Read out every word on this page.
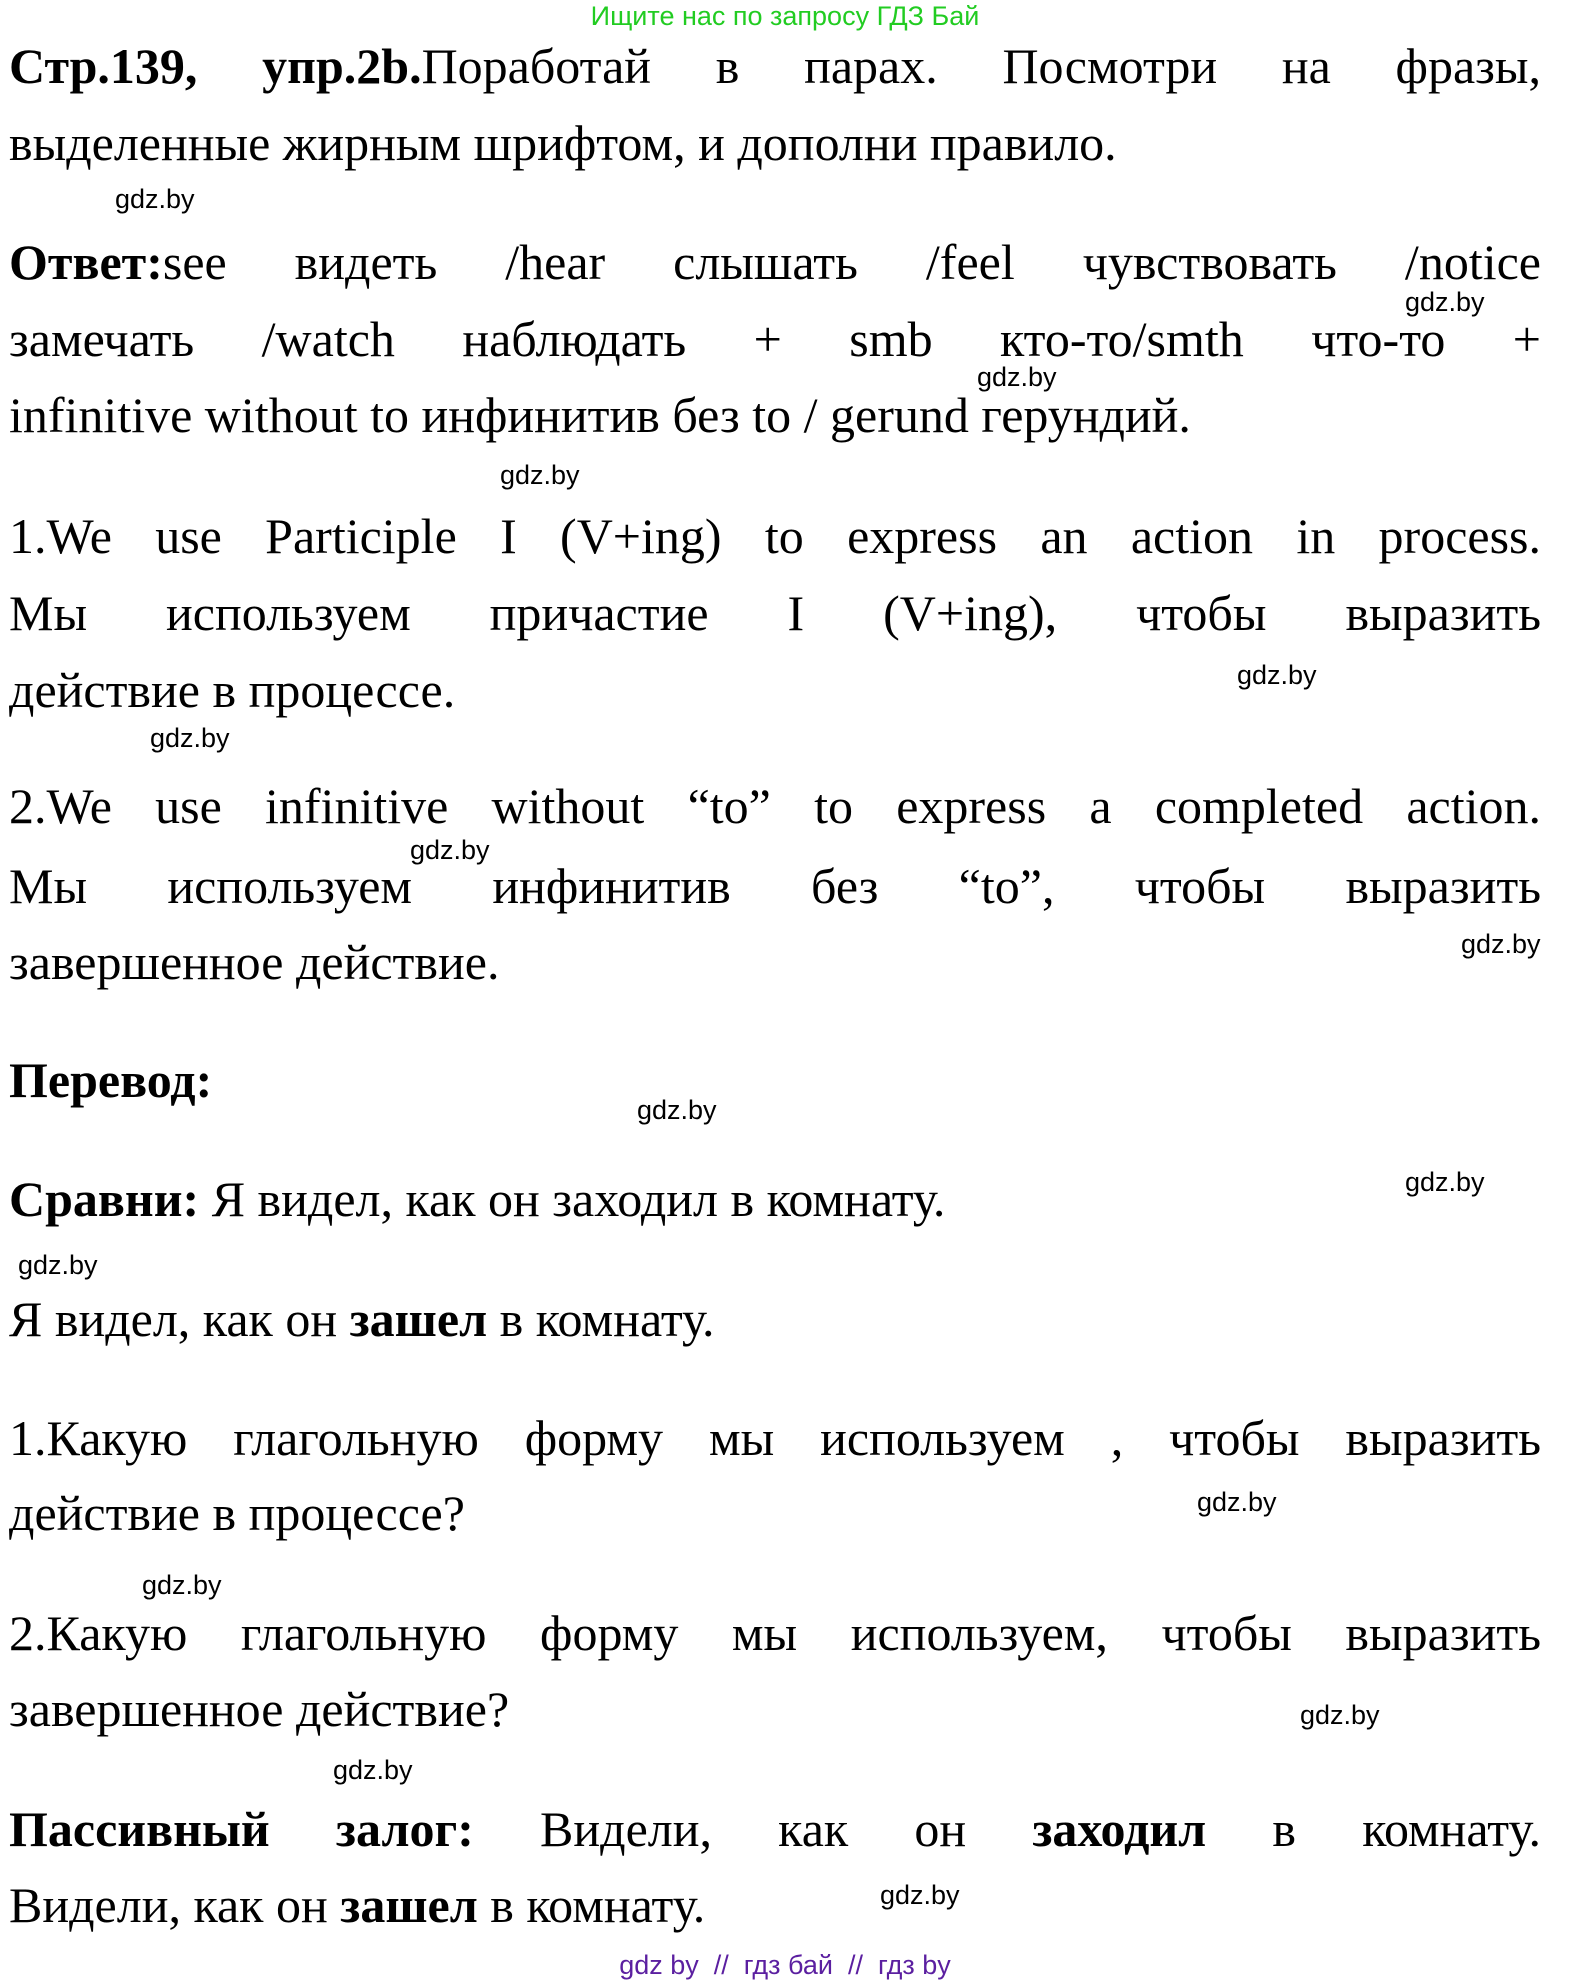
Ищите нас по запросу ГДЗ Бай
Стр.139, упр.2b.Поработай в парах. Посмотри на фразы,
выделенные жирным шрифтом, и дополни правило.
gdz.by
Ответ:see видеть /hear слышать /feel чувствовать /notice
gdz.by
замечать /watch наблюдать + smb кто-то/smth что-то +
gdz.by
infinitive without to инфинитив без to / gerund герундий.
gdz.by
1.We use Participle I (V+ing) to express an action in process.
Мы используем причастие I (V+ing), чтобы выразить
действие в процессе.	gdz.by
gdz.by
2.We use infinitive without “to” to express a completed action.
gdz.by
Мы используем инфинитив без “to”, чтобы выразить
gdz.by
завершенное действие.
Перевод:
gdz.by
gdz.by
Сравни: Я видел, как он заходил в комнату.
gdz.by
Я видел, как он зашел в комнату.
1.Какую глагольную форму мы используем , чтобы выразить
gdz.by
действие в процессе?
gdz.by
2.Какую глагольную форму мы используем, чтобы выразить
завершенное действие?	gdz.by
gdz.by
Пассивный залог: Видели, как он заходил в комнату.
Видели, как он зашел в комнату.	gdz.by
gdz by  //  гдз бай  //  гдз by
